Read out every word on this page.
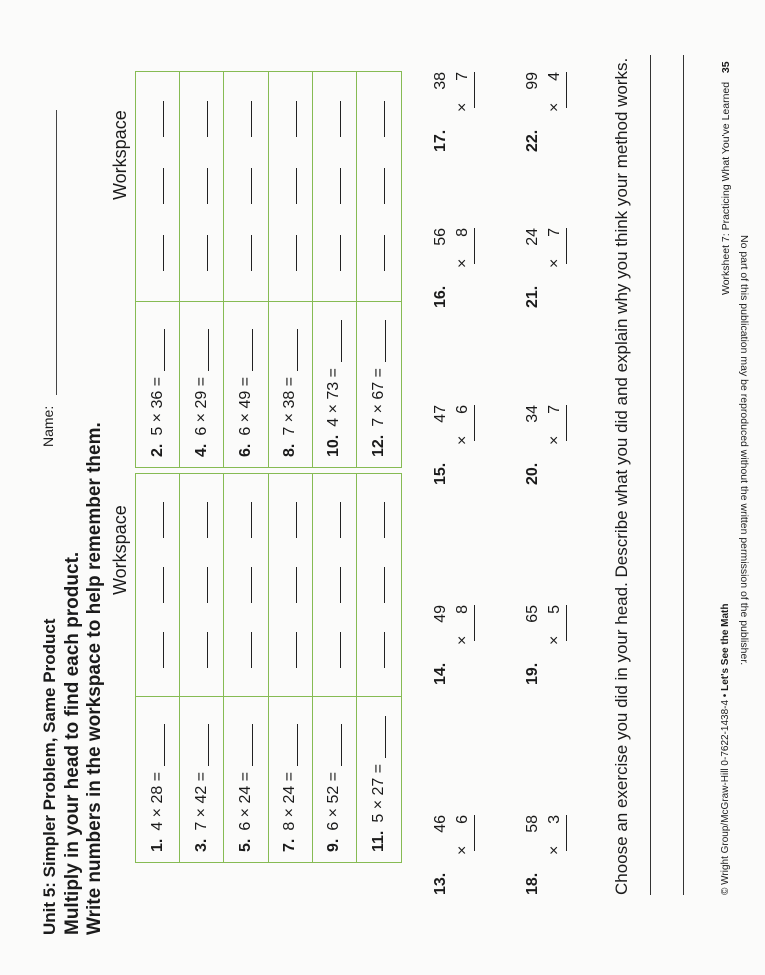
Unit 5: Simpler Problem, Same Product Multiply in your head to find each product. Write numbers in the workspace to help remember them.
Name:
Workspace
Workspace
1.
4 × 28 =
3.
7 × 42 =
5.
6 × 24 =
7.
8 × 24 =
9.
6 × 52 =
11.
5 × 27 =
2.
5 × 36 =
4.
6 × 29 =
6.
6 × 49 =
8.
7 × 38 =
10.
4 × 73 =
12.
7 × 67 =
13.
46
×
6
14.
49
×
8
15.
47
×
6
16.
56
×
8
17.
38
×
7
18.
58
×
3
19.
65
×
5
20.
34
×
7
21.
24
×
7
22.
99
×
4	Choose an exercise you did in your head. Describe what you did and explain why you think your method works.	© Wright Group/McGraw-Hill 0-7622-1438-4 • Let's See the Math
Worksheet 7: Practicing What You've Learned   35
No part of this publication may be reproduced without the written permission of the publisher.
